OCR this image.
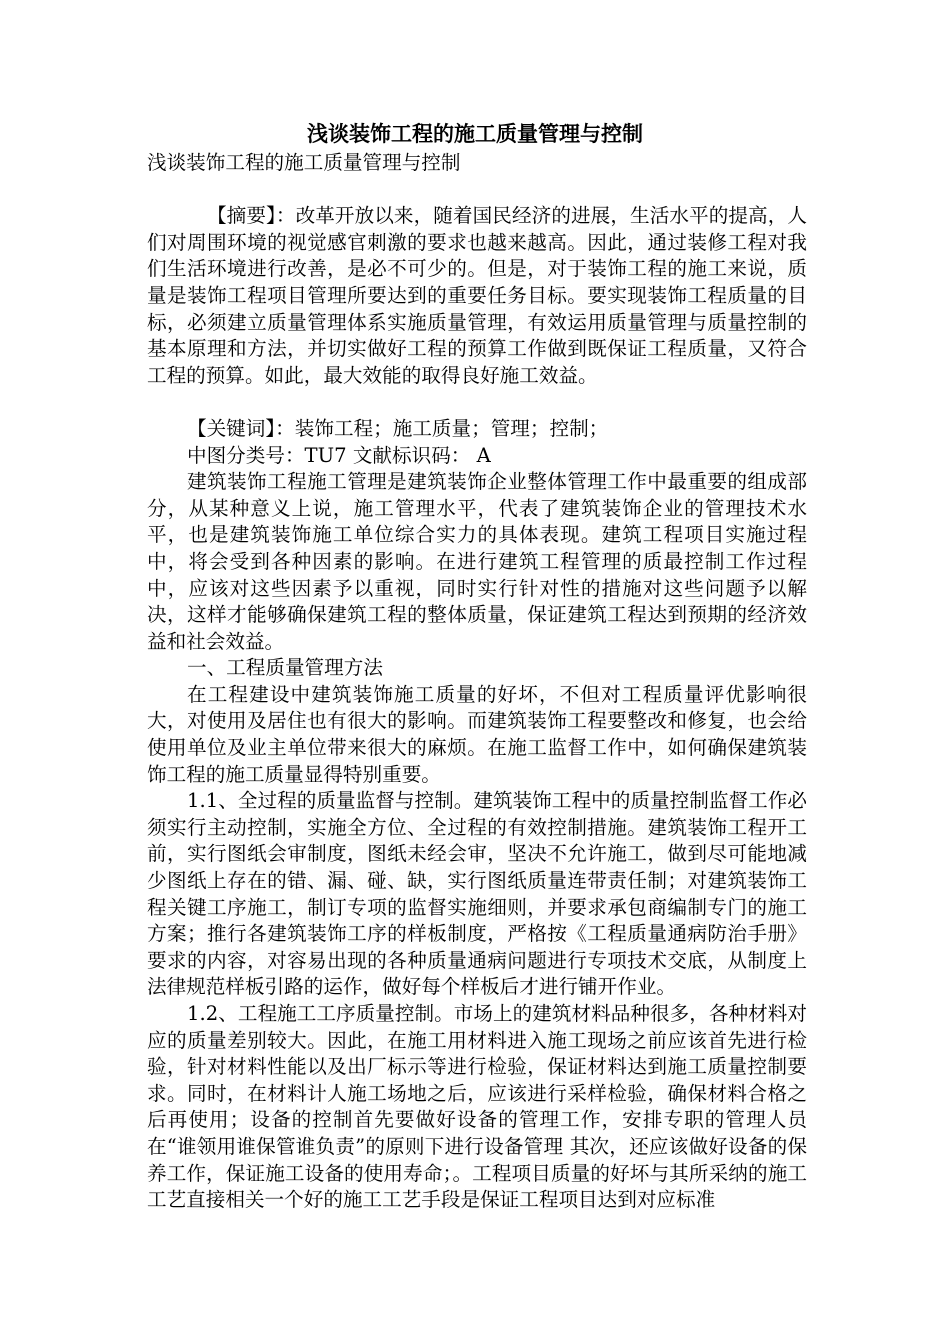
浅谈装饰工程的施工质量管理与控制

浅谈装饰工程的施工质量管理与控制

【摘要】：改革开放以来，随着国民经济的进展，生活水平的提高，人们对周围环境的视觉感官刺激的要求也越来越高。因此，通过装修工程对我们生活环境进行改善，是必不可少的。但是，对于装饰工程的施工来说，质量是装饰工程项目管理所要达到的重要任务目标。要实现装饰工程质量的目标，必须建立质量管理体系实施质量管理，有效运用质量管理与质量控制的基本原理和方法，并切实做好工程的预算工作做到既保证工程质量，又符合工程的预算。如此，最大效能的取得良好施工效益。

【关键词】：装饰工程；施工质量；管理；控制；

中图分类号：TU7 文献标识码： A

建筑装饰工程施工管理是建筑装饰企业整体管理工作中最重要的组成部分，从某种意义上说，施工管理水平，代表了建筑装饰企业的管理技术水平，也是建筑装饰施工单位综合实力的具体表现。建筑工程项目实施过程中，将会受到各种因素的影响。在进行建筑工程管理的质最控制工作过程中，应该对这些因素予以重视，同时实行针对性的措施对这些问题予以解决，这样才能够确保建筑工程的整体质量，保证建筑工程达到预期的经济效益和社会效益。

一、工程质量管理方法

在工程建设中建筑装饰施工质量的好坏，不但对工程质量评优影响很大，对使用及居住也有很大的影响。而建筑装饰工程要整改和修复，也会给使用单位及业主单位带来很大的麻烦。在施工监督工作中，如何确保建筑装饰工程的施工质量显得特别重要。

1.1、全过程的质量监督与控制。建筑装饰工程中的质量控制监督工作必须实行主动控制，实施全方位、全过程的有效控制措施。建筑装饰工程开工前，实行图纸会审制度，图纸未经会审，坚决不允许施工，做到尽可能地减少图纸上存在的错、漏、碰、缺，实行图纸质量连带责任制；对建筑装饰工程关键工序施工，制订专项的监督实施细则，并要求承包商编制专门的施工方案；推行各建筑装饰工序的样板制度，严格按《工程质量通病防治手册》要求的内容，对容易出现的各种质量通病问题进行专项技术交底，从制度上法律规范样板引路的运作，做好每个样板后才进行铺开作业。

1.2、工程施工工序质量控制。市场上的建筑材料品种很多，各种材料对应的质量差别较大。因此，在施工用材料进入施工现场之前应该首先进行检验，针对材料性能以及出厂标示等进行检验，保证材料达到施工质量控制要求。同时，在材料计人施工场地之后，应该进行采样检验，确保材料合格之后再使用；设备的控制首先要做好设备的管理工作，安排专职的管理人员在“谁领用谁保管谁负责”的原则下进行设备管理 其次，还应该做好设备的保养工作，保证施工设备的使用寿命；。工程项目质量的好坏与其所采纳的施工工艺直接相关一个好的施工工艺手段是保证工程项目达到对应标准
